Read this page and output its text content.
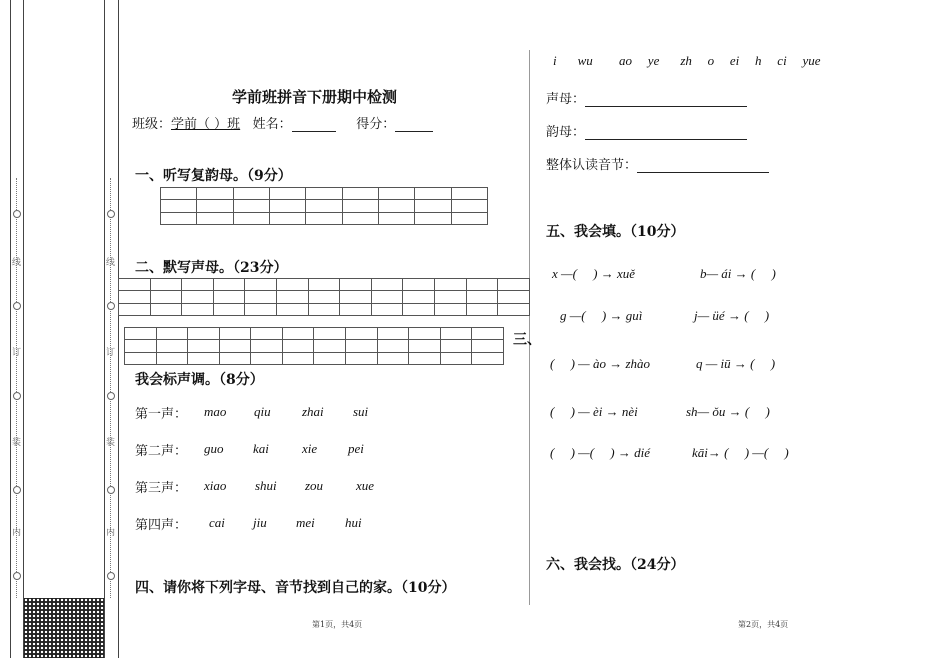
线
订
装
内
线
订
装
内
学前班拼音下册期中检测
班级：学前（ ）班 姓名：	得分：
一、听写复韵母。（9分）

二、默写声母。（23分）

三、
我会标声调。（8分）
第一声： mao qiu zhai sui
第二声： guo kai	xie pei
第三声： xiao shui zou	xue
第四声： cai jiu mei hui
四、请你将下列字母、音节找到自己的家。（10分）
第1页，共4页
i wu ao ye zh o ei h ci yue
声母：
韵母：
整体认读音节：
五、我会填。（10分）
x —(　 ) → xuě	b— ái → (　 )
g —(　 ) → guì	j— üé → (　 )
(　 ) — ào → zhào	q — iū → (　 )
(　 ) — èi → nèi	sh— ǒu → (　 )
(　 ) —(　 ) → dié	kāi→ (　 ) —(　 )
六、我会找。（24分）
第2页，共4页
